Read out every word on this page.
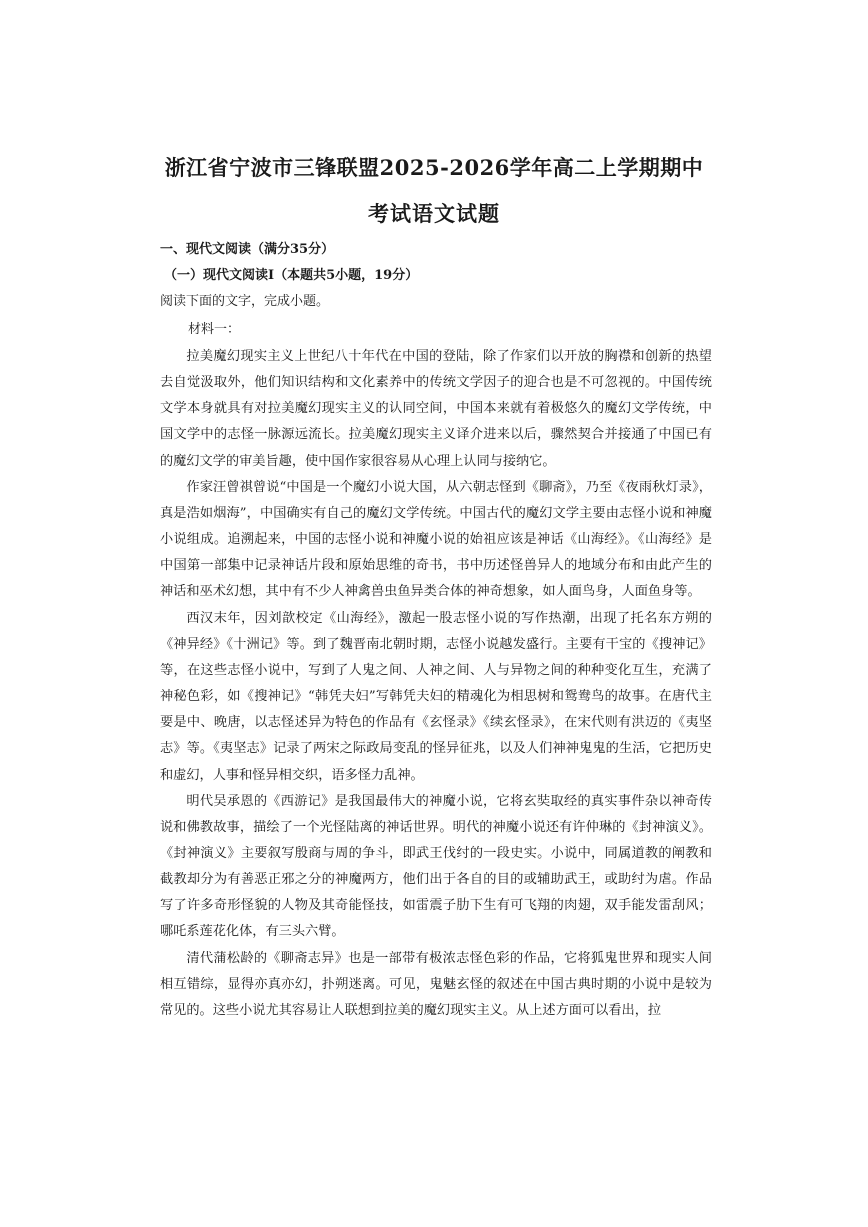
浙江省宁波市三锋联盟2025-2026学年高二上学期期中
考试语文试题
一、现代文阅读（满分35分）
（一）现代文阅读Ⅰ（本题共5小题，19分）
阅读下面的文字，完成小题。
材料一：

拉美魔幻现实主义上世纪八十年代在中国的登陆，除了作家们以开放的胸襟和创新的热望去自觉汲取外，他们知识结构和文化素养中的传统文学因子的迎合也是不可忽视的。中国传统文学本身就具有对拉美魔幻现实主义的认同空间，中国本来就有着极悠久的魔幻文学传统，中国文学中的志怪一脉源远流长。拉美魔幻现实主义译介进来以后，骤然契合并接通了中国已有的魔幻文学的审美旨趣，使中国作家很容易从心理上认同与接纳它。

作家汪曾祺曾说“中国是一个魔幻小说大国，从六朝志怪到《聊斋》，乃至《夜雨秋灯录》，真是浩如烟海”，中国确实有自己的魔幻文学传统。中国古代的魔幻文学主要由志怪小说和神魔小说组成。追溯起来，中国的志怪小说和神魔小说的始祖应该是神话《山海经》。《山海经》是中国第一部集中记录神话片段和原始思维的奇书，书中历述怪兽异人的地域分布和由此产生的神话和巫术幻想，其中有不少人神禽兽虫鱼异类合体的神奇想象，如人面鸟身，人面鱼身等。

西汉末年，因刘歆校定《山海经》，激起一股志怪小说的写作热潮，出现了托名东方朔的《神异经》《十洲记》等。到了魏晋南北朝时期，志怪小说越发盛行。主要有干宝的《搜神记》等，在这些志怪小说中，写到了人鬼之间、人神之间、人与异物之间的种种变化互生，充满了神秘色彩，如《搜神记》“韩凭夫妇”写韩凭夫妇的精魂化为相思树和鸳鸯鸟的故事。在唐代主要是中、晚唐，以志怪述异为特色的作品有《玄怪录》《续玄怪录》，在宋代则有洪迈的《夷坚志》等。《夷坚志》记录了两宋之际政局变乱的怪异征兆，以及人们神神鬼鬼的生活，它把历史和虚幻，人事和怪异相交织，语多怪力乱神。

明代吴承恩的《西游记》是我国最伟大的神魔小说，它将玄奘取经的真实事件杂以神奇传说和佛教故事，描绘了一个光怪陆离的神话世界。明代的神魔小说还有许仲琳的《封神演义》。《封神演义》主要叙写殷商与周的争斗，即武王伐纣的一段史实。小说中，同属道教的阐教和截教却分为有善恶正邪之分的神魔两方，他们出于各自的目的或辅助武王，或助纣为虐。作品写了许多奇形怪貌的人物及其奇能怪技，如雷震子肋下生有可飞翔的肉翅，双手能发雷刮风；哪吒系莲花化体，有三头六臂。

清代蒲松龄的《聊斋志异》也是一部带有极浓志怪色彩的作品，它将狐鬼世界和现实人间相互错综，显得亦真亦幻，扑朔迷离。可见，鬼魅玄怪的叙述在中国古典时期的小说中是较为常见的。这些小说尤其容易让人联想到拉美的魔幻现实主义。从上述方面可以看出，拉
